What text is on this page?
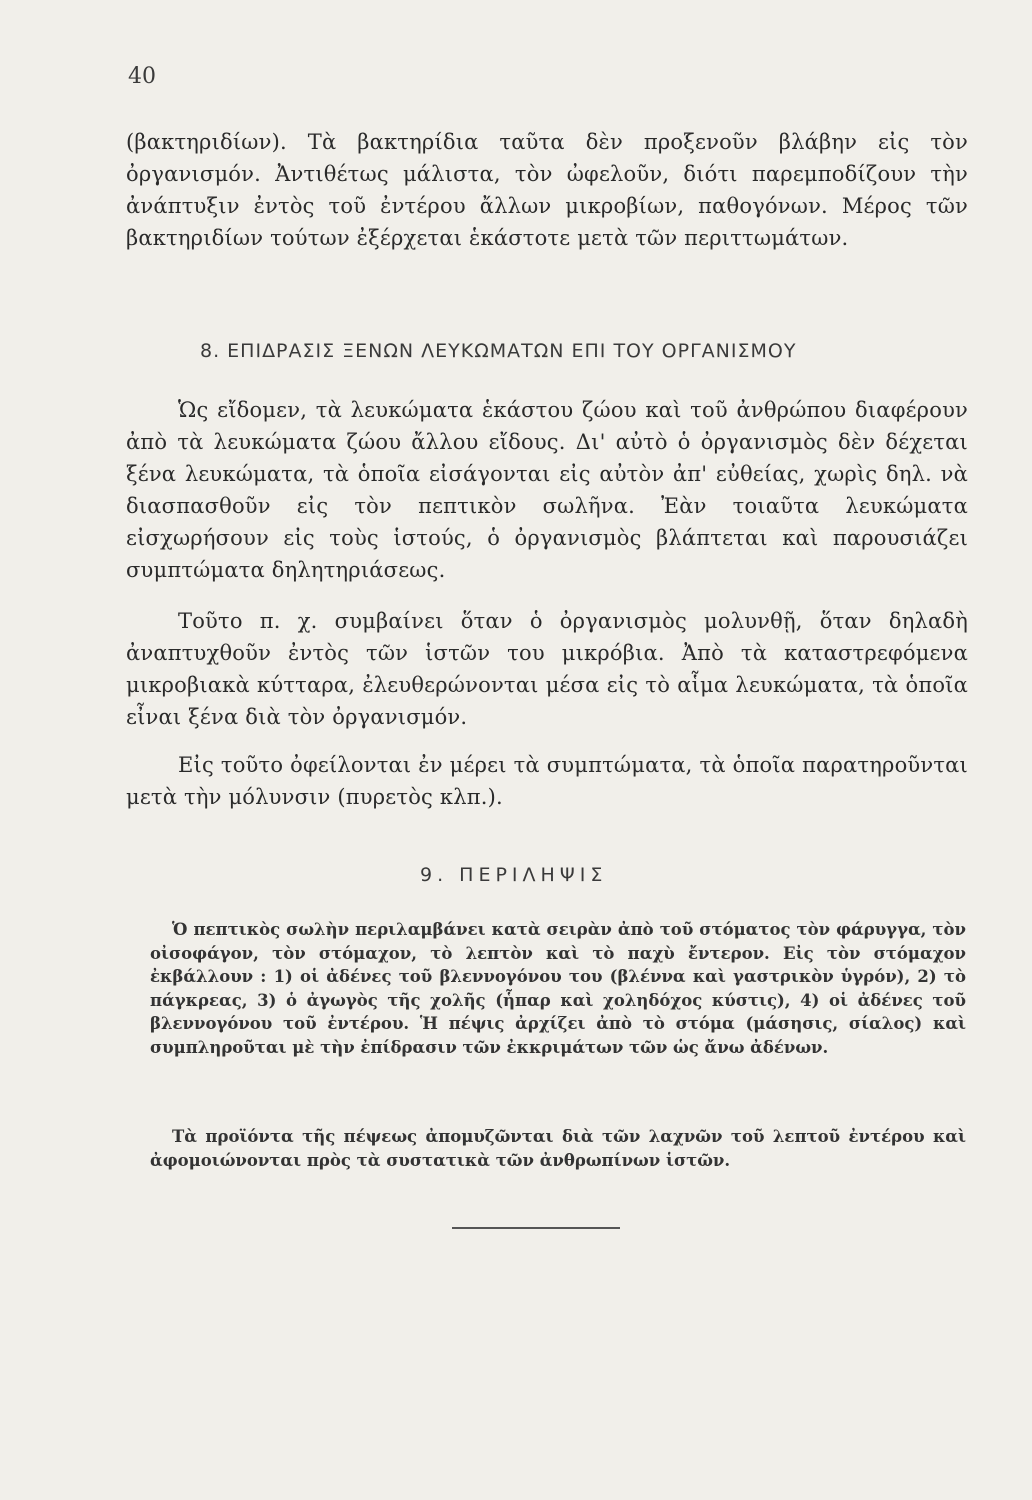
40

(βακτηριδίων). Τὰ βακτηρίδια ταῦτα δὲν προξενοῦν βλάβην εἰς τὸν ὀργανισμόν. Ἀντιθέτως μάλιστα, τὸν ὠφελοῦν, διότι παρεμποδίζουν τὴν ἀνάπτυξιν ἐντὸς τοῦ ἐντέρου ἄλλων μικροβίων, παθογόνων. Μέρος τῶν βακτηριδίων τούτων ἐξέρχεται ἑκάστοτε μετὰ τῶν περιττωμάτων.

8. ΕΠΙΔΡΑΣΙΣ ΞΕΝΩΝ ΛΕΥΚΩΜΑΤΩΝ ΕΠΙ ΤΟΥ ΟΡΓΑΝΙΣΜΟΥ

Ὡς εἴδομεν, τὰ λευκώματα ἑκάστου ζώου καὶ τοῦ ἀνθρώπου διαφέρουν ἀπὸ τὰ λευκώματα ζώου ἄλλου εἴδους. Δι' αὐτὸ ὁ ὀργανισμὸς δὲν δέχεται ξένα λευκώματα, τὰ ὁποῖα εἰσάγονται εἰς αὐτὸν ἀπ' εὐθείας, χωρὶς δηλ. νὰ διασπασθοῦν εἰς τὸν πεπτικὸν σωλῆνα. Ἐὰν τοιαῦτα λευκώματα εἰσχωρήσουν εἰς τοὺς ἱστούς, ὁ ὀργανισμὸς βλάπτεται καὶ παρουσιάζει συμπτώματα δηλητηριάσεως.

Τοῦτο π. χ. συμβαίνει ὅταν ὁ ὀργανισμὸς μολυνθῇ, ὅταν δηλαδὴ ἀναπτυχθοῦν ἐντὸς τῶν ἱστῶν του μικρόβια. Ἀπὸ τὰ καταστρεφόμενα μικροβιακὰ κύτταρα, ἐλευθερώνονται μέσα εἰς τὸ αἷμα λευκώματα, τὰ ὁποῖα εἶναι ξένα διὰ τὸν ὀργανισμόν.

Εἰς τοῦτο ὀφείλονται ἐν μέρει τὰ συμπτώματα, τὰ ὁποῖα παρατηροῦνται μετὰ τὴν μόλυνσιν (πυρετὸς κλπ.).

9. ΠΕΡΙΛΗΨΙΣ

Ὁ πεπτικὸς σωλὴν περιλαμβάνει κατὰ σειρὰν ἀπὸ τοῦ στόματος τὸν φάρυγγα, τὸν οἰσοφάγον, τὸν στόμαχον, τὸ λεπτὸν καὶ τὸ παχὺ ἔντερον. Εἰς τὸν στόμαχον ἐκβάλλουν : 1) οἱ ἀδένες τοῦ βλεννογόνου του (βλέννα καὶ γαστρικὸν ὑγρόν), 2) τὸ πάγκρεας, 3) ὁ ἀγωγὸς τῆς χολῆς (ἧπαρ καὶ χοληδόχος κύστις), 4) οἱ ἀδένες τοῦ βλεννογόνου τοῦ ἐντέρου. Ἡ πέψις ἀρχίζει ἀπὸ τὸ στόμα (μάσησις, σίαλος) καὶ συμπληροῦται μὲ τὴν ἐπίδρασιν τῶν ἐκκριμάτων τῶν ὡς ἄνω ἀδένων.

Τὰ προϊόντα τῆς πέψεως ἀπομυζῶνται διὰ τῶν λαχνῶν τοῦ λεπτοῦ ἐντέρου καὶ ἀφομοιώνονται πρὸς τὰ συστατικὰ τῶν ἀνθρωπίνων ἱστῶν.
